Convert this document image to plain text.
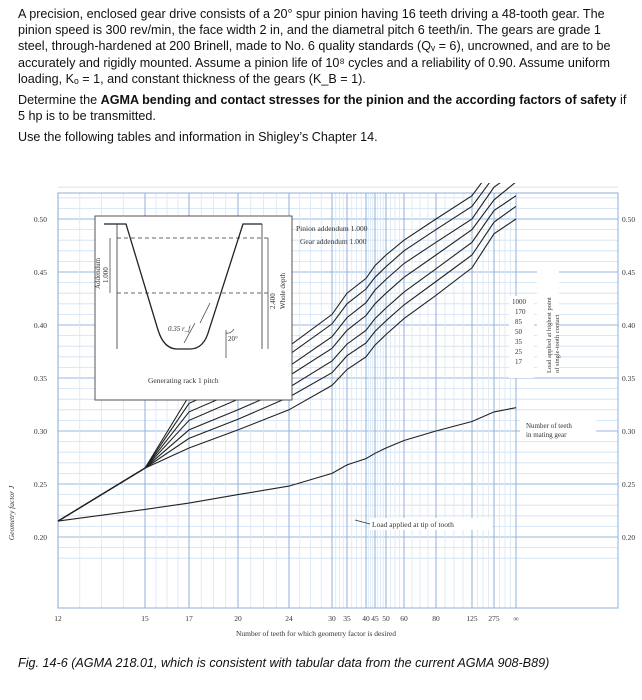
A precision, enclosed gear drive consists of a 20° spur pinion having 16 teeth driving a 48-tooth gear. The pinion speed is 300 rev/min, the face width 2 in, and the diametral pitch 6 teeth/in. The gears are grade 1 steel, through-hardened at 200 Brinell, made to No. 6 quality standards (Qᵥ = 6), uncrowned, and are to be accurately and rigidly mounted. Assume a pinion life of 10⁸ cycles and a reliability of 0.90. Assume uniform loading, Kₒ = 1, and constant thickness of the gears (K_B = 1).

Determine the AGMA bending and contact stresses for the pinion and the according factors of safety if 5 hp is to be transmitted.

Use the following tables and information in Shigley’s Chapter 14.

0.50	0.50
0.45	0.45
0.40	0.40
0.35	0.35
0.30	0.30
0.25	0.25
0.20	0.20
12	15	17	20	24	30 35 40 45 50 60	80	125 275 ∞
Geometry factor J
Number of teeth for which geometry factor is desired
1000
170
85
50
35
25
17
Number of teeth
in mating gear
Load applied at highest point of single-tooth contact
Load applied at tip of tooth
Pinion addendum 1.000
Gear addendum 1.000
Addendum 1.000
2.400 Whole depth
20°
0.35 r_f
Generating rack 1 pitch
Fig. 14-6 (AGMA 218.01, which is consistent with tabular data from the current AGMA 908-B89)
